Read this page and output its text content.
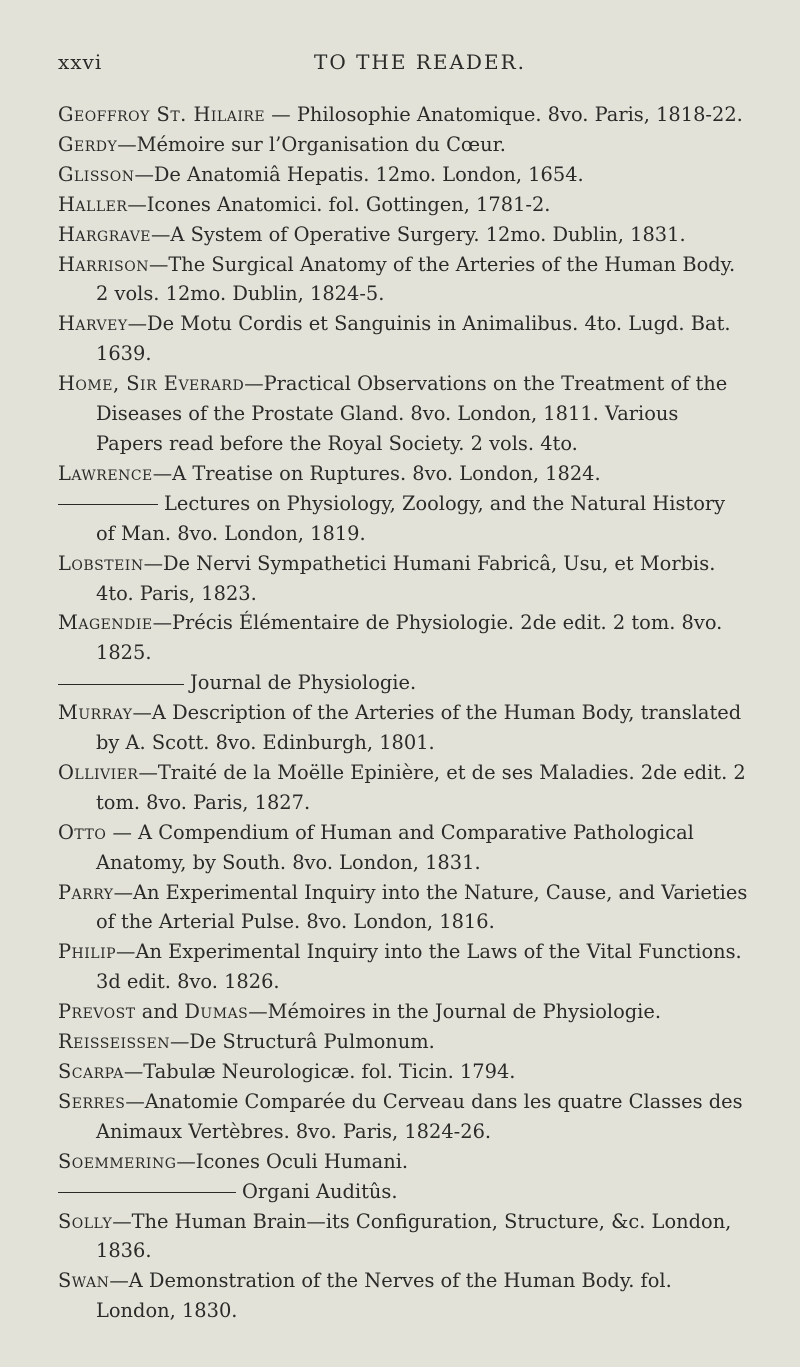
xxvi	TO THE READER.
Geoffroy St. Hilaire — Philosophie Anatomique. 8vo. Paris, 1818-22.
Gerdy—Mémoire sur l’Organisation du Cœur.
Glisson—De Anatomiâ Hepatis. 12mo. London, 1654.
Haller—Icones Anatomici. fol. Gottingen, 1781-2.
Hargrave—A System of Operative Surgery. 12mo. Dublin, 1831.
Harrison—The Surgical Anatomy of the Arteries of the Human Body. 2 vols. 12mo. Dublin, 1824-5.
Harvey—De Motu Cordis et Sanguinis in Animalibus. 4to. Lugd. Bat. 1639.
Home, Sir Everard—Practical Observations on the Treatment of the Diseases of the Prostate Gland. 8vo. London, 1811. Various Papers read before the Royal Society. 2 vols. 4to.
Lawrence—A Treatise on Ruptures. 8vo. London, 1824.
Lectures on Physiology, Zoology, and the Natural History of Man. 8vo. London, 1819.
Lobstein—De Nervi Sympathetici Humani Fabricâ, Usu, et Morbis. 4to. Paris, 1823.
Magendie—Précis Élémentaire de Physiologie. 2de edit. 2 tom. 8vo. 1825.
Journal de Physiologie.
Murray—A Description of the Arteries of the Human Body, translated by A. Scott. 8vo. Edinburgh, 1801.
Ollivier—Traité de la Moëlle Epinière, et de ses Maladies. 2de edit. 2 tom. 8vo. Paris, 1827.
Otto — A Compendium of Human and Comparative Pathological Anatomy, by South. 8vo. London, 1831.
Parry—An Experimental Inquiry into the Nature, Cause, and Varieties of the Arterial Pulse. 8vo. London, 1816.
Philip—An Experimental Inquiry into the Laws of the Vital Functions. 3d edit. 8vo. 1826.
Prevost and Dumas—Mémoires in the Journal de Physiologie.
Reisseissen—De Structurâ Pulmonum.
Scarpa—Tabulæ Neurologicæ. fol. Ticin. 1794.
Serres—Anatomie Comparée du Cerveau dans les quatre Classes des Animaux Vertèbres. 8vo. Paris, 1824-26.
Soemmering—Icones Oculi Humani.
Organi Auditûs.
Solly—The Human Brain—its Configuration, Structure, &c. London, 1836.
Swan—A Demonstration of the Nerves of the Human Body. fol. London, 1830.
